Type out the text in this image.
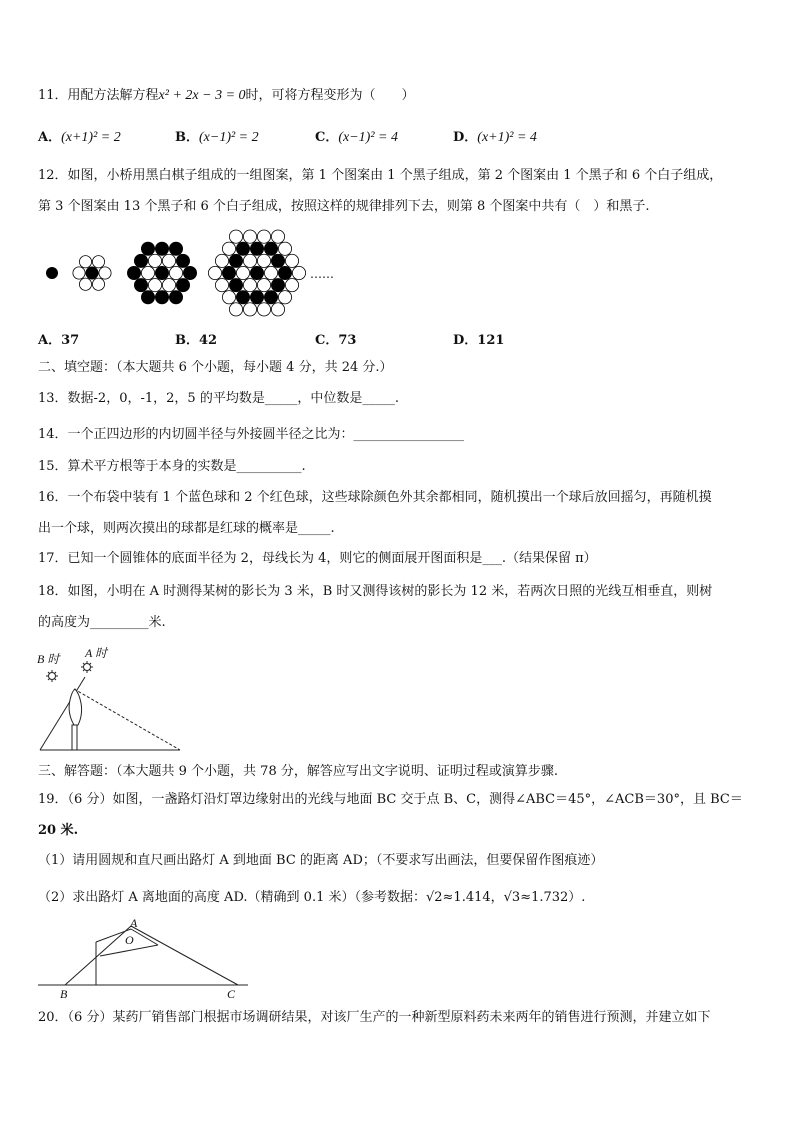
11．用配方法解方程x² + 2x − 3 = 0时，可将方程变形为（　　）
A．(x+1)² = 2	B．(x−1)² = 2	C．(x−1)² = 4	D．(x+1)² = 4
12．如图，小桥用黑白棋子组成的一组图案，第 1 个图案由 1 个黑子组成，第 2 个图案由 1 个黑子和 6 个白子组成，
第 3 个图案由 13 个黑子和 6 个白子组成，按照这样的规律排列下去，则第 8 个图案中共有（　）和黑子.
……
A．37	B．42	C．73	D．121
二、填空题：（本大题共 6 个小题，每小题 4 分，共 24 分.）
13．数据-2，0，-1，2，5 的平均数是_____，中位数是_____.
14．一个正四边形的内切圆半径与外接圆半径之比为：_________________
15．算术平方根等于本身的实数是__________.
16．一个布袋中装有 1 个蓝色球和 2 个红色球，这些球除颜色外其余都相同，随机摸出一个球后放回摇匀，再随机摸
出一个球，则两次摸出的球都是红球的概率是_____.
17．已知一个圆锥体的底面半径为 2，母线长为 4，则它的侧面展开图面积是___.（结果保留 π）
18．如图，小明在 A 时测得某树的影长为 3 米，B 时又测得该树的影长为 12 米，若两次日照的光线互相垂直，则树
的高度为_________米.
B 时 A 时
三、解答题：（本大题共 9 个小题，共 78 分，解答应写出文字说明、证明过程或演算步骤.
19．（6 分）如图，一盏路灯沿灯罩边缘射出的光线与地面 BC 交于点 B、C，测得∠ABC＝45°，∠ACB＝30°，且 BC＝
20 米.
（1）请用圆规和直尺画出路灯 A 到地面 BC 的距离 AD；（不要求写出画法，但要保留作图痕迹）
（2）求出路灯 A 离地面的高度 AD.（精确到 0.1 米）（参考数据：√2≈1.414，√3≈1.732）.
A
O
B	C
20．（6 分）某药厂销售部门根据市场调研结果，对该厂生产的一种新型原料药未来两年的销售进行预测，并建立如下
